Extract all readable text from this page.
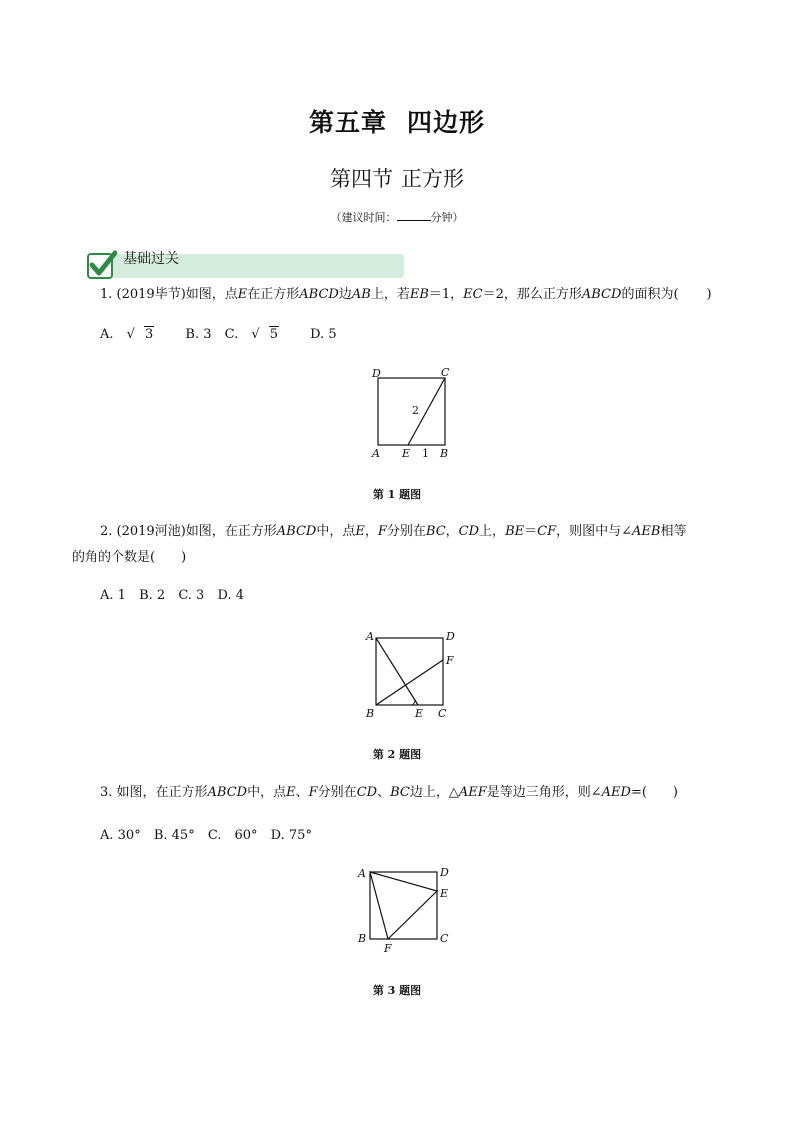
第五章 四边形
第四节 正方形
（建议时间：	分钟）
基础过关
1. (2019毕节)如图，点E在正方形ABCD边AB上，若EB＝1，EC＝2，那么正方形ABCD的面积为( )
A. √ 3 B. 3 C. √ 5 D. 5
D	C
A E 1 B
2
第 1 题图
2. (2019河池)如图，在正方形ABCD中，点E，F分别在BC，CD上，BE＝CF，则图中与∠AEB相等
的角的个数是(　　)
A. 1 B. 2 C. 3 D. 4
A	D
F
B	E C
第 2 题图
3. 如图，在正方形ABCD中，点E、F分别在CD、BC边上，△AEF是等边三角形，则∠AED=(　　)
A. 30° B. 45° C.　60° D. 75°
A	D
E
B
F
C
第 3 题图
